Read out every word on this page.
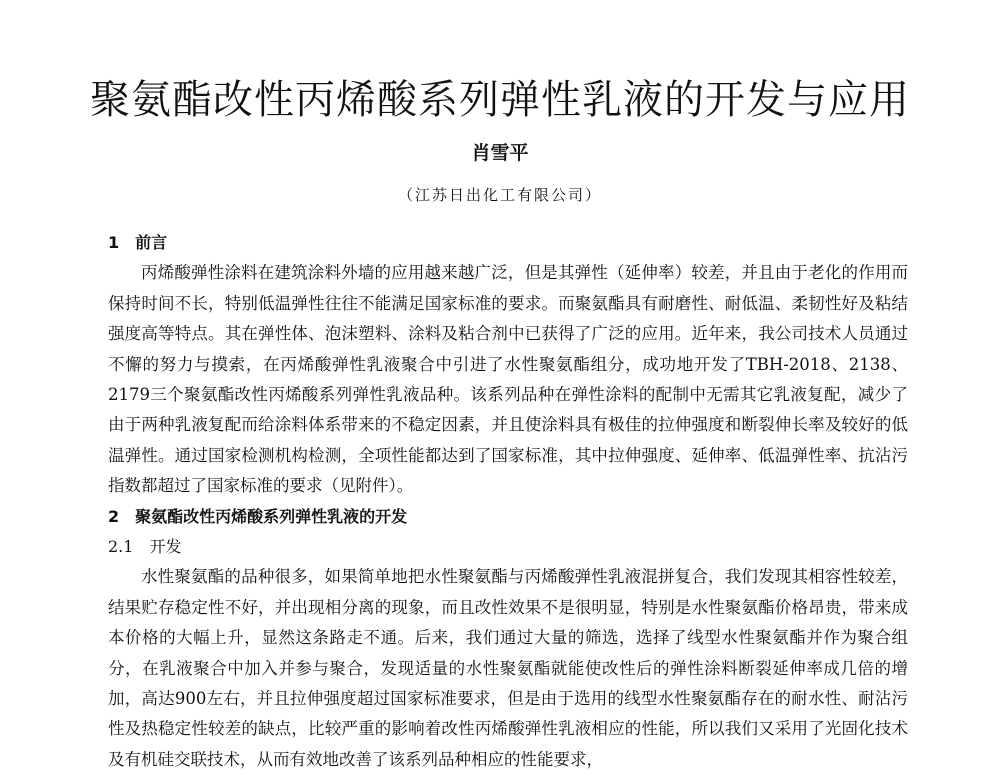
聚氨酯改性丙烯酸系列弹性乳液的开发与应用
肖雪平
（江苏日出化工有限公司）
1　前言

丙烯酸弹性涂料在建筑涂料外墙的应用越来越广泛，但是其弹性（延伸率）较差，并且由于老化的作用而保持时间不长，特别低温弹性往往不能满足国家标准的要求。而聚氨酯具有耐磨性、耐低温、柔韧性好及粘结强度高等特点。其在弹性体、泡沫塑料、涂料及粘合剂中已获得了广泛的应用。近年来，我公司技术人员通过不懈的努力与摸索，在丙烯酸弹性乳液聚合中引进了水性聚氨酯组分，成功地开发了TBH-2018、2138、2179三个聚氨酯改性丙烯酸系列弹性乳液品种。该系列品种在弹性涂料的配制中无需其它乳液复配，减少了由于两种乳液复配而给涂料体系带来的不稳定因素，并且使涂料具有极佳的拉伸强度和断裂伸长率及较好的低温弹性。通过国家检测机构检测，全项性能都达到了国家标准，其中拉伸强度、延伸率、低温弹性率、抗沾污指数都超过了国家标准的要求（见附件）。

2　聚氨酯改性丙烯酸系列弹性乳液的开发
2.1　开发

水性聚氨酯的品种很多，如果简单地把水性聚氨酯与丙烯酸弹性乳液混拼复合，我们发现其相容性较差，结果贮存稳定性不好，并出现相分离的现象，而且改性效果不是很明显，特别是水性聚氨酯价格昂贵，带来成本价格的大幅上升，显然这条路走不通。后来，我们通过大量的筛选，选择了线型水性聚氨酯并作为聚合组分，在乳液聚合中加入并参与聚合，发现适量的水性聚氨酯就能使改性后的弹性涂料断裂延伸率成几倍的增加，高达900左右，并且拉伸强度超过国家标准要求，但是由于选用的线型水性聚氨酯存在的耐水性、耐沾污性及热稳定性较差的缺点，比较严重的影响着改性丙烯酸弹性乳液相应的性能，所以我们又采用了光固化技术及有机硅交联技术，从而有效地改善了该系列品种相应的性能要求，
